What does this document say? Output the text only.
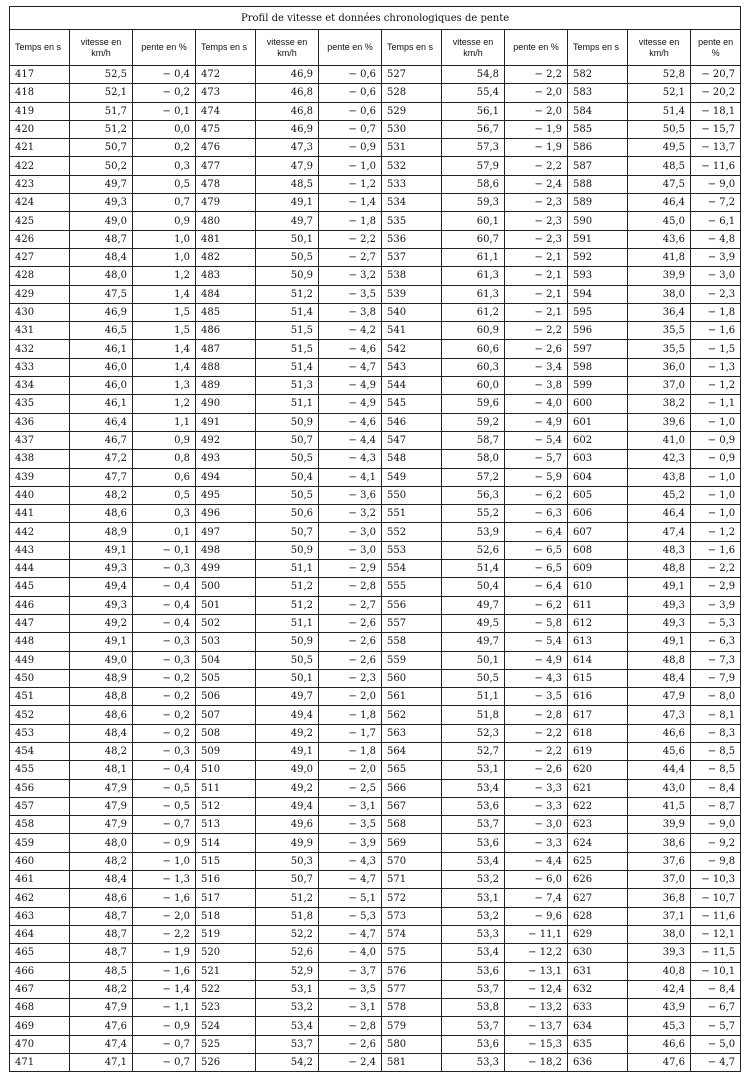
Profil de vitesse et données chronologiques de pente											
Temps en s	vitesse en km/h	pente en %	Temps en s	vitesse en km/h	pente en %	Temps en s	vitesse en km/h	pente en %	Temps en s	vitesse en km/h	pente en %
417	52,5	− 0,4	472	46,9	− 0,6	527	54,8	− 2,2	582	52,8	− 20,7
418	52,1	− 0,2	473	46,8	− 0,6	528	55,4	− 2,0	583	52,1	− 20,2
419	51,7	− 0,1	474	46,8	− 0,6	529	56,1	− 2,0	584	51,4	− 18,1
420	51,2	0,0	475	46,9	− 0,7	530	56,7	− 1,9	585	50,5	− 15,7
421	50,7	0,2	476	47,3	− 0,9	531	57,3	− 1,9	586	49,5	− 13,7
422	50,2	0,3	477	47,9	− 1,0	532	57,9	− 2,2	587	48,5	− 11,6
423	49,7	0,5	478	48,5	− 1,2	533	58,6	− 2,4	588	47,5	− 9,0
424	49,3	0,7	479	49,1	− 1,4	534	59,3	− 2,3	589	46,4	− 7,2
425	49,0	0,9	480	49,7	− 1,8	535	60,1	− 2,3	590	45,0	− 6,1
426	48,7	1,0	481	50,1	− 2,2	536	60,7	− 2,3	591	43,6	− 4,8
427	48,4	1,0	482	50,5	− 2,7	537	61,1	− 2,1	592	41,8	− 3,9
428	48,0	1,2	483	50,9	− 3,2	538	61,3	− 2,1	593	39,9	− 3,0
429	47,5	1,4	484	51,2	− 3,5	539	61,3	− 2,1	594	38,0	− 2,3
430	46,9	1,5	485	51,4	− 3,8	540	61,2	− 2,1	595	36,4	− 1,8
431	46,5	1,5	486	51,5	− 4,2	541	60,9	− 2,2	596	35,5	− 1,6
432	46,1	1,4	487	51,5	− 4,6	542	60,6	− 2,6	597	35,5	− 1,5
433	46,0	1,4	488	51,4	− 4,7	543	60,3	− 3,4	598	36,0	− 1,3
434	46,0	1,3	489	51,3	− 4,9	544	60,0	− 3,8	599	37,0	− 1,2
435	46,1	1,2	490	51,1	− 4,9	545	59,6	− 4,0	600	38,2	− 1,1
436	46,4	1,1	491	50,9	− 4,6	546	59,2	− 4,9	601	39,6	− 1,0
437	46,7	0,9	492	50,7	− 4,4	547	58,7	− 5,4	602	41,0	− 0,9
438	47,2	0,8	493	50,5	− 4,3	548	58,0	− 5,7	603	42,3	− 0,9
439	47,7	0,6	494	50,4	− 4,1	549	57,2	− 5,9	604	43,8	− 1,0
440	48,2	0,5	495	50,5	− 3,6	550	56,3	− 6,2	605	45,2	− 1,0
441	48,6	0,3	496	50,6	− 3,2	551	55,2	− 6,3	606	46,4	− 1,0
442	48,9	0,1	497	50,7	− 3,0	552	53,9	− 6,4	607	47,4	− 1,2
443	49,1	− 0,1	498	50,9	− 3,0	553	52,6	− 6,5	608	48,3	− 1,6
444	49,3	− 0,3	499	51,1	− 2,9	554	51,4	− 6,5	609	48,8	− 2,2
445	49,4	− 0,4	500	51,2	− 2,8	555	50,4	− 6,4	610	49,1	− 2,9
446	49,3	− 0,4	501	51,2	− 2,7	556	49,7	− 6,2	611	49,3	− 3,9
447	49,2	− 0,4	502	51,1	− 2,6	557	49,5	− 5,8	612	49,3	− 5,3
448	49,1	− 0,3	503	50,9	− 2,6	558	49,7	− 5,4	613	49,1	− 6,3
449	49,0	− 0,3	504	50,5	− 2,6	559	50,1	− 4,9	614	48,8	− 7,3
450	48,9	− 0,2	505	50,1	− 2,3	560	50,5	− 4,3	615	48,4	− 7,9
451	48,8	− 0,2	506	49,7	− 2,0	561	51,1	− 3,5	616	47,9	− 8,0
452	48,6	− 0,2	507	49,4	− 1,8	562	51,8	− 2,8	617	47,3	− 8,1
453	48,4	− 0,2	508	49,2	− 1,7	563	52,3	− 2,2	618	46,6	− 8,3
454	48,2	− 0,3	509	49,1	− 1,8	564	52,7	− 2,2	619	45,6	− 8,5
455	48,1	− 0,4	510	49,0	− 2,0	565	53,1	− 2,6	620	44,4	− 8,5
456	47,9	− 0,5	511	49,2	− 2,5	566	53,4	− 3,3	621	43,0	− 8,4
457	47,9	− 0,5	512	49,4	− 3,1	567	53,6	− 3,3	622	41,5	− 8,7
458	47,9	− 0,7	513	49,6	− 3,5	568	53,7	− 3,0	623	39,9	− 9,0
459	48,0	− 0,9	514	49,9	− 3,9	569	53,6	− 3,3	624	38,6	− 9,2
460	48,2	− 1,0	515	50,3	− 4,3	570	53,4	− 4,4	625	37,6	− 9,8
461	48,4	− 1,3	516	50,7	− 4,7	571	53,2	− 6,0	626	37,0	− 10,3
462	48,6	− 1,6	517	51,2	− 5,1	572	53,1	− 7,4	627	36,8	− 10,7
463	48,7	− 2,0	518	51,8	− 5,3	573	53,2	− 9,6	628	37,1	− 11,6
464	48,7	− 2,2	519	52,2	− 4,7	574	53,3	− 11,1	629	38,0	− 12,1
465	48,7	− 1,9	520	52,6	− 4,0	575	53,4	− 12,2	630	39,3	− 11,5
466	48,5	− 1,6	521	52,9	− 3,7	576	53,6	− 13,1	631	40,8	− 10,1
467	48,2	− 1,4	522	53,1	− 3,5	577	53,7	− 12,4	632	42,4	− 8,4
468	47,9	− 1,1	523	53,2	− 3,1	578	53,8	− 13,2	633	43,9	− 6,7
469	47,6	− 0,9	524	53,4	− 2,8	579	53,7	− 13,7	634	45,3	− 5,7
470	47,4	− 0,7	525	53,7	− 2,6	580	53,6	− 15,3	635	46,6	− 5,0
471	47,1	− 0,7	526	54,2	− 2,4	581	53,3	− 18,2	636	47,6	− 4,7
